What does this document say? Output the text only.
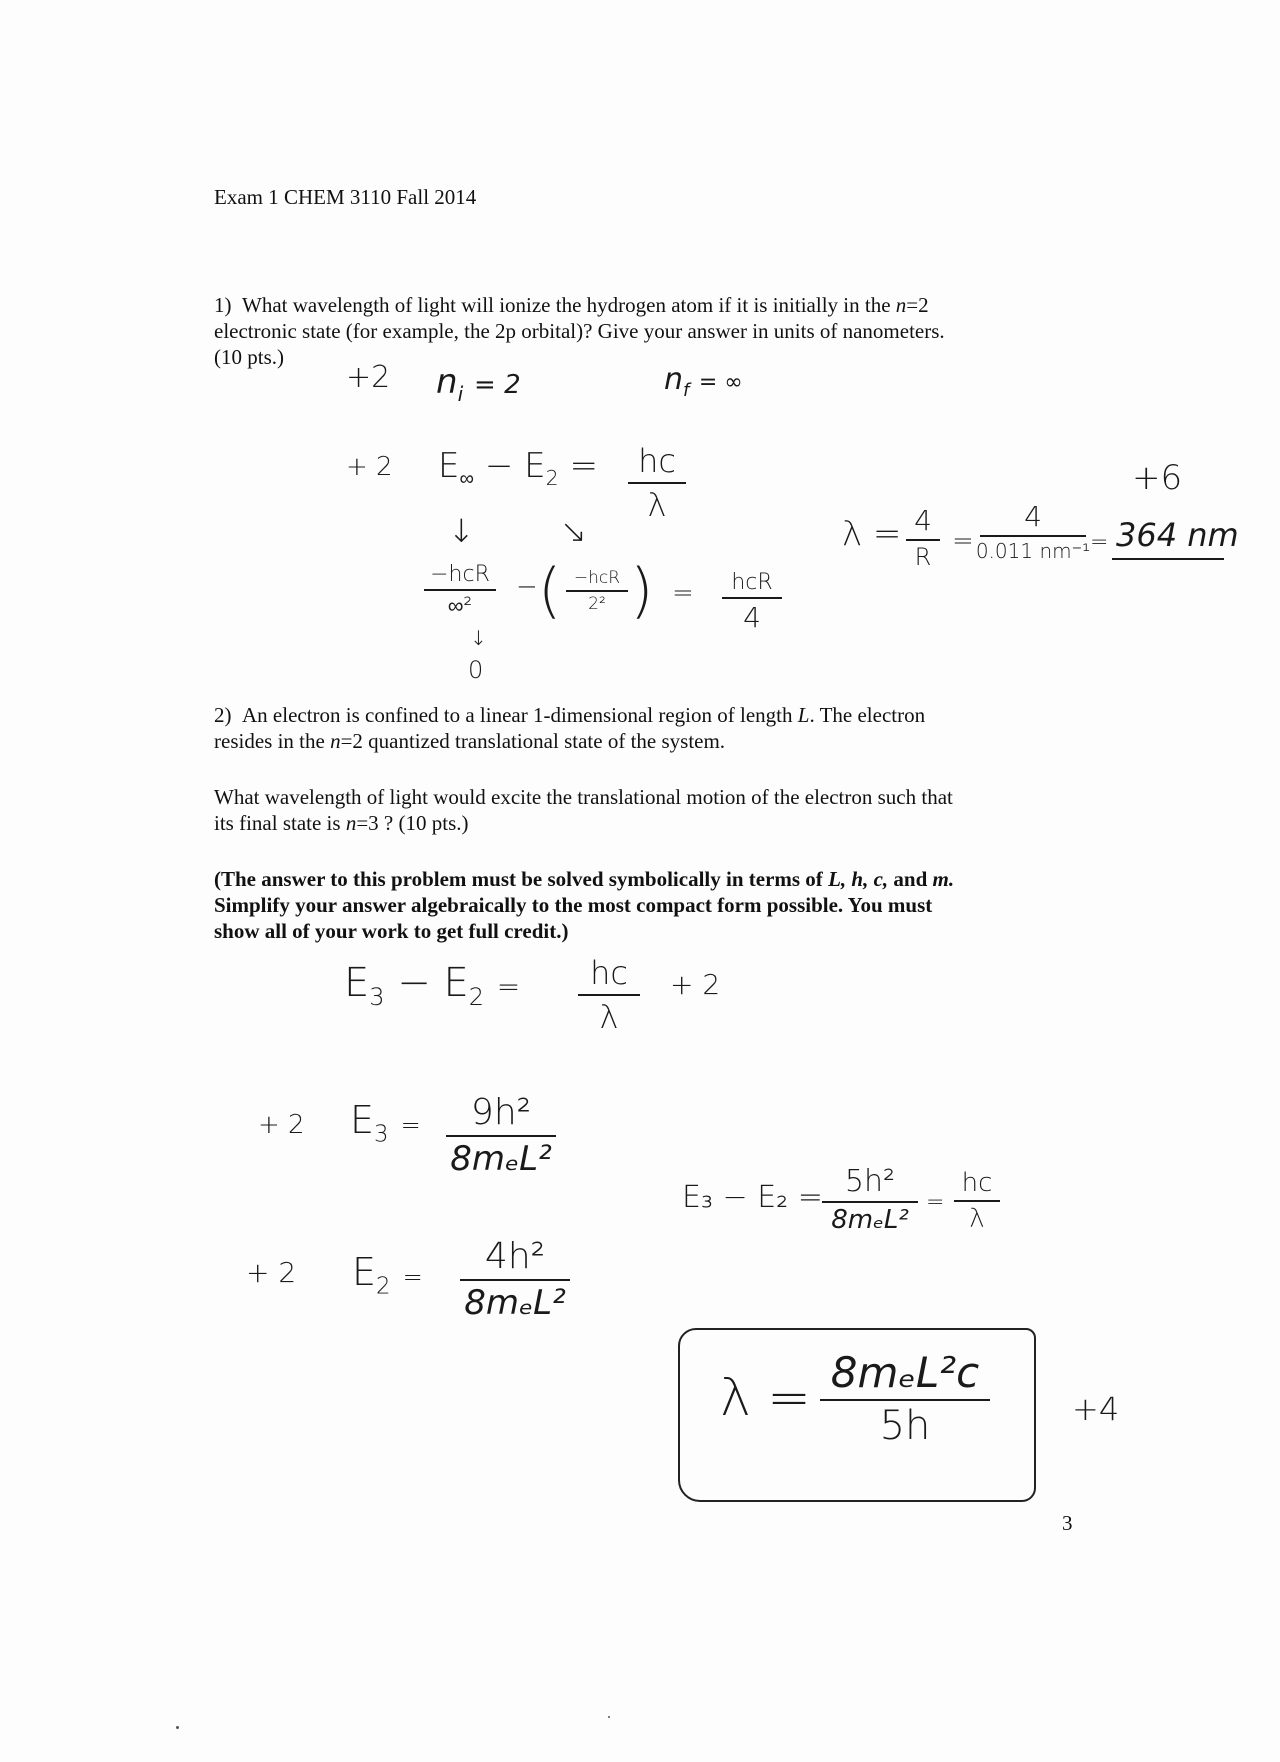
Exam 1 CHEM 3110 Fall 2014

1) What wavelength of light will ionize the hydrogen atom if it is initially in the n=2

electronic state (for example, the 2p orbital)? Give your answer in units of nanometers.

(10 pts.)

+2 $n_i = 2$	$n_f$ = ∞

+ 2 $E_\infty - E_2$ = hc
λ

↓	↘

−hcR
∞²

− ( −hcR
2² ) = hcR
4

↓

0

λ = 4
R

=

4
0.011 nm⁻¹ = 364 nm

+6

2) An electron is confined to a linear 1-dimensional region of length L. The electron

resides in the n=2 quantized translational state of the system.

What wavelength of light would excite the translational motion of the electron such that

its final state is n=3 ? (10 pts.)

(The answer to this problem must be solved symbolically in terms of L, h, c, and m.

Simplify your answer algebraically to the most compact form possible. You must

show all of your work to get full credit.)

$E_3 - E_2$ = hc
λ

+ 2

+ 2 $E_3 = 9h^2$
8mₑL²

+ 2 $E_2 = 4h^2$
8mₑL²

E₃ − E₂ = 5h²
8mₑL²

=

hc
λ

λ = 8mₑL²c
5h	+4

3
